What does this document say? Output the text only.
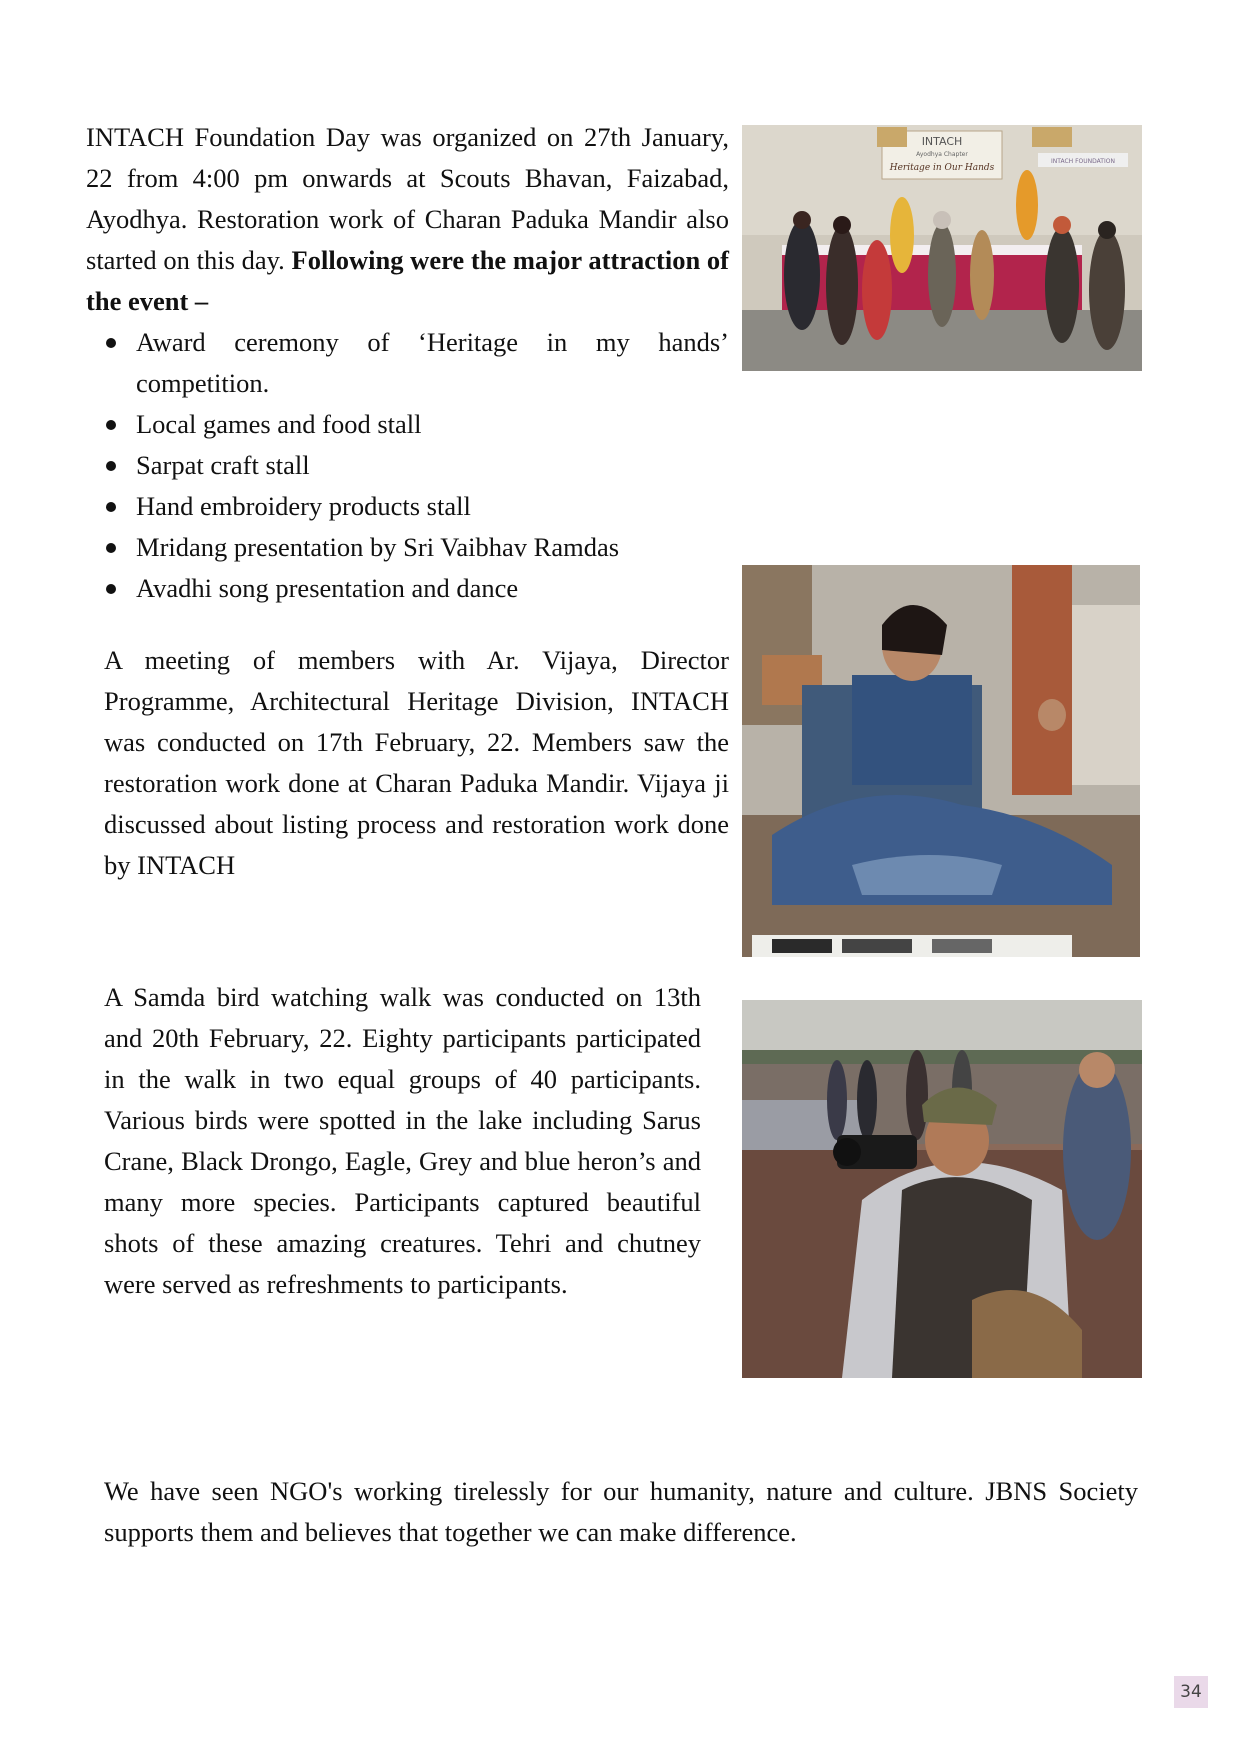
INTACH Foundation Day was organized on 27th January, 22 from 4:00 pm onwards at Scouts Bhavan, Faizabad, Ayodhya. Restoration work of Charan Paduka Mandir also started on this day. Following were the major attraction of the event –

Award ceremony of ‘Heritage in my hands’ competition.
Local games and food stall
Sarpat craft stall
Hand embroidery products stall
Mridang presentation by Sri Vaibhav Ramdas
Avadhi song presentation and dance
INTACH
Ayodhya Chapter
Heritage in Our Hands
INTACH FOUNDATION

A meeting of members with Ar. Vijaya, Director Programme, Architectural Heritage Division, INTACH was conducted on 17th February, 22. Members saw the restoration work done at Charan Paduka Mandir. Vijaya ji discussed about listing process and restoration work done by INTACH

A Samda bird watching walk was conducted on 13th and 20th February, 22. Eighty participants participated in the walk in two equal groups of 40 participants. Various birds were spotted in the lake including Sarus Crane, Black Drongo, Eagle, Grey and blue heron’s and many more species. Participants captured beautiful shots of these amazing creatures. Tehri and chutney were served as refreshments to participants.

We have seen NGO's working tirelessly for our humanity, nature and culture. JBNS Society supports them and believes that together we can make difference.

34
